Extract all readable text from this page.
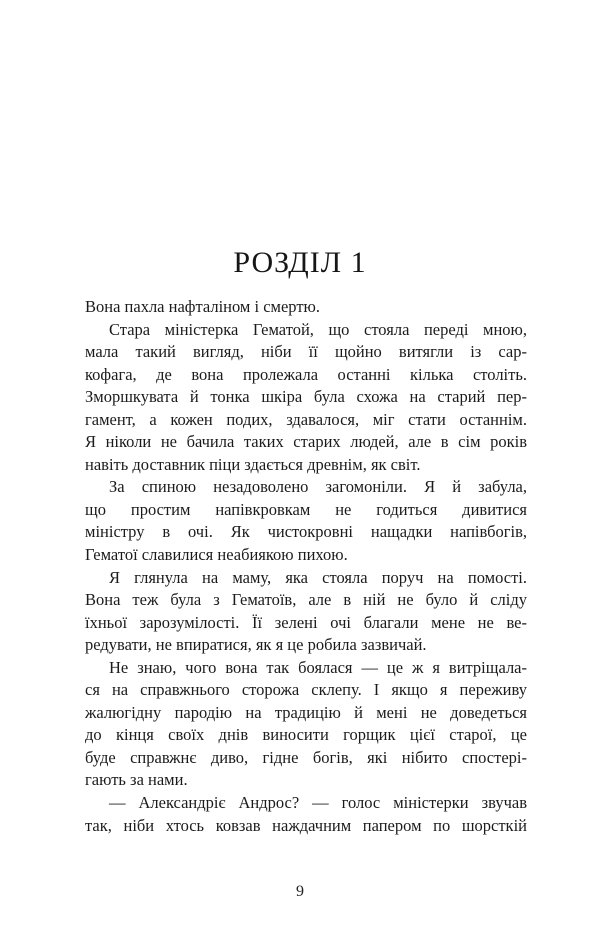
РОЗДІЛ 1
Вона пахла нафталіном і смертю.
Стара міністерка Гематой, що стояла переді мною,
мала такий вигляд, ніби її щойно витягли із сар-
кофага, де вона пролежала останні кілька століть.
Зморшкувата й тонка шкіра була схожа на старий пер-
гамент, а кожен подих, здавалося, міг стати останнім.
Я ніколи не бачила таких старих людей, але в сім років
навіть доставник піци здається древнім, як світ.
За спиною незадоволено загомоніли. Я й забула,
що простим напівкровкам не годиться дивитися
міністру в очі. Як чистокровні нащадки напівбогів,
Гематої славилися неабиякою пихою.
Я глянула на маму, яка стояла поруч на помості.
Вона теж була з Гематоїв, але в ній не було й сліду
їхньої зарозумілості. Її зелені очі благали мене не ве-
редувати, не впиратися, як я це робила зазвичай.
Не знаю, чого вона так боялася — це ж я витріщала-
ся на справжнього сторожа склепу. І якщо я переживу
жалюгідну пародію на традицію й мені не доведеться
до кінця своїх днів виносити горщик цієї старої, це
буде справжнє диво, гідне богів, які нібито спостері-
гають за нами.
— Александріє Андрос? — голос міністерки звучав
так, ніби хтось ковзав наждачним папером по шорсткій
9
